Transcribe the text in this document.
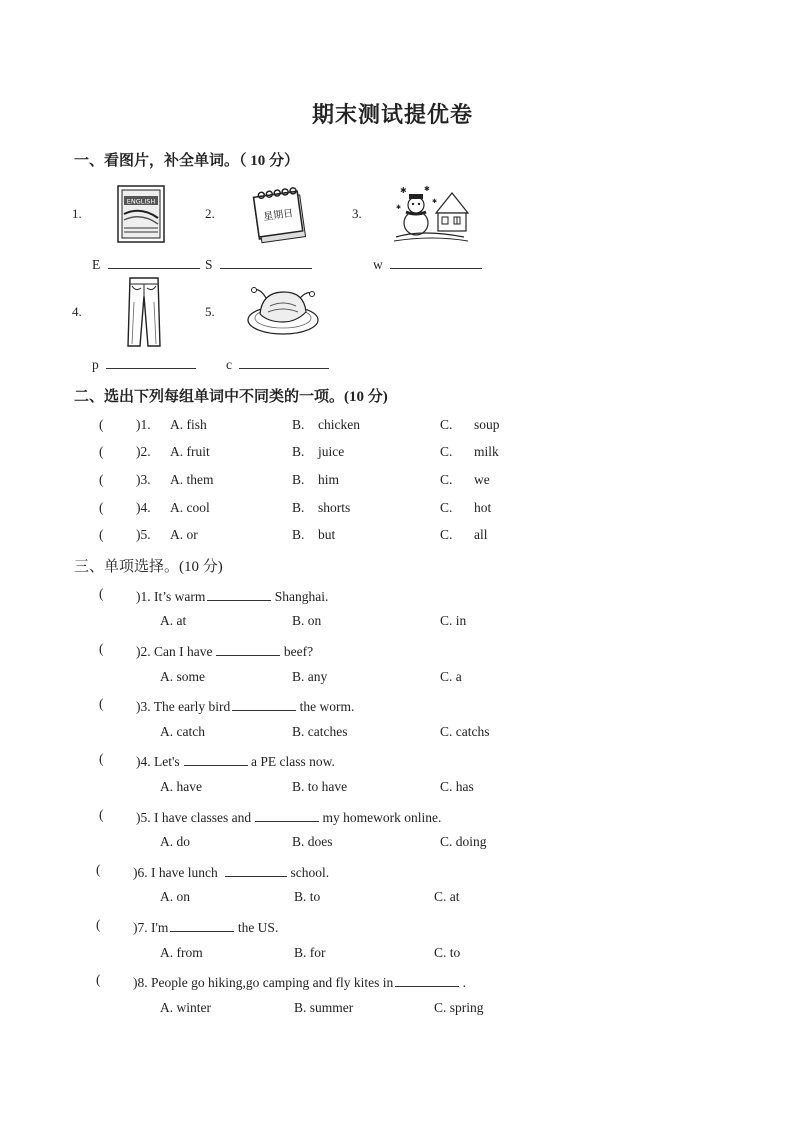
期末测试提优卷
一、看图片，补全单词。（ 10 分）
1.
ENGLISH
2.	星期日	3.
✱ ✱
✱
✱
E	S	w
4.	5.
p	c
二、选出下列每组单词中不同类的一项。(10 分)
( )1. A. fish	B. chicken	C. soup
( )2. A. fruit	B. juice	C. milk
( )3. A. them	B. him	C. we
( )4. A. cool	B. shorts	C. hot
( )5. A. or	B. but	C. all
三、单项选择。(10 分)
( )1. It’s warm	Shanghai.
A. at	B. on	C. in
( )2. Can I have	beef?
A. some	B. any	C. a
( )3. The early bird	the worm.
A. catch	B. catches	C. catchs
( )4. Let's	a PE class now.
A. have	B. to have	C. has
( )5. I have classes and	my homework online.
A. do	B. does	C. doing
( )6. I have lunch	school.
A. on	B. to	C. at
( )7. I'm	the US.
A. from	B. for	C. to
( )8. People go hiking,go camping and fly kites in	.
A. winter	B. summer	C. spring
